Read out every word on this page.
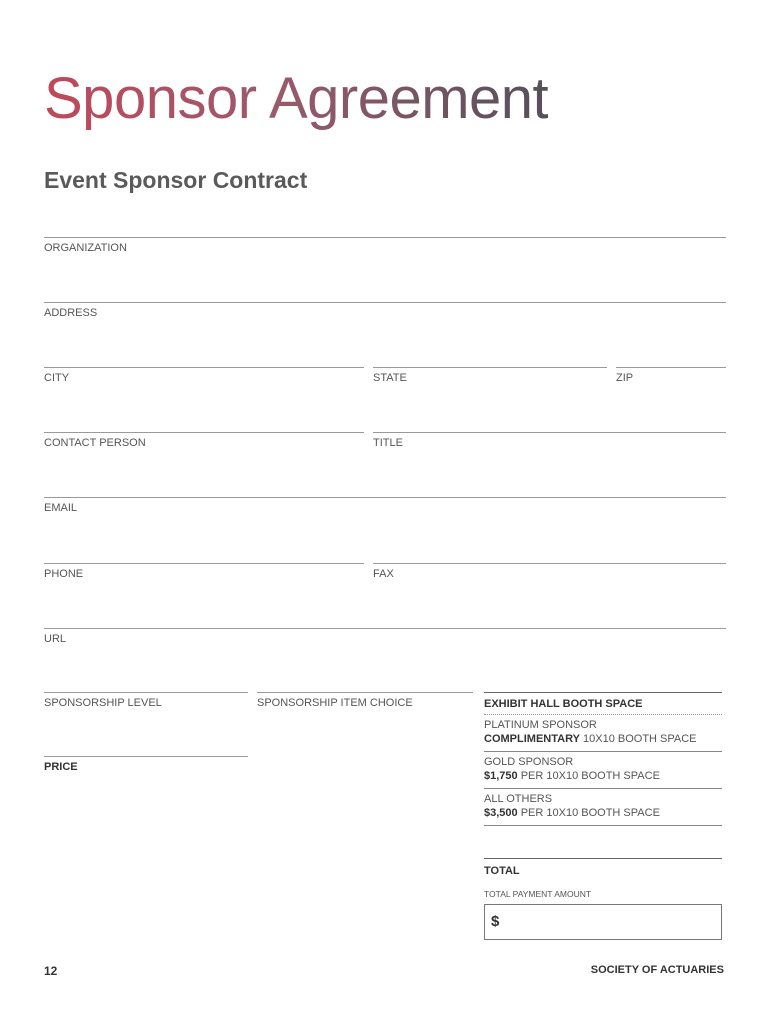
Sponsor Agreement
Event Sponsor Contract
ORGANIZATION
ADDRESS
CITY	STATE	ZIP
CONTACT PERSON	TITLE
EMAIL
PHONE	FAX
URL
SPONSORSHIP LEVEL	SPONSORSHIP ITEM CHOICE
PRICE
EXHIBIT HALL BOOTH SPACE
PLATINUM SPONSOR
COMPLIMENTARY 10X10 BOOTH SPACE
GOLD SPONSOR
$1,750 PER 10X10 BOOTH SPACE
ALL OTHERS
$3,500 PER 10X10 BOOTH SPACE
TOTAL
TOTAL PAYMENT AMOUNT
$
12	SOCIETY OF ACTUARIES
